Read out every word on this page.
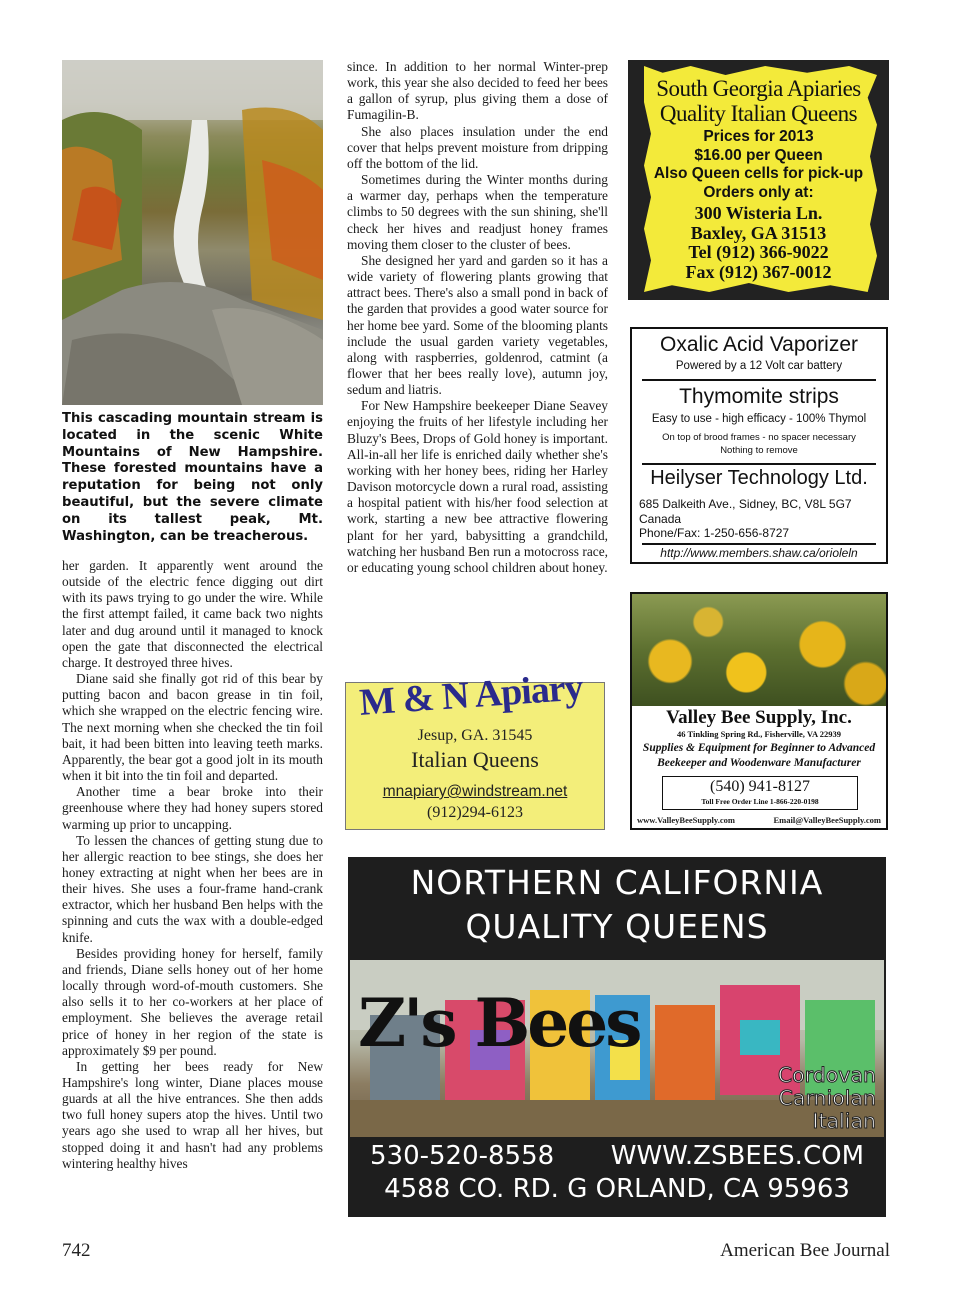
This cascading mountain stream is located in the scenic White Mountains of New Hampshire. These forested mountains have a reputation for being not only beautiful, but the severe climate on its tallest peak, Mt. Washington, can be treacherous.

her garden. It apparently went around the outside of the electric fence digging out dirt with its paws trying to go under the wire. While the first attempt failed, it came back two nights later and dug around until it managed to knock open the gate that disconnected the electrical charge. It destroyed three hives.

Diane said she finally got rid of this bear by putting bacon and bacon grease in tin foil, which she wrapped on the electric fencing wire. The next morning when she checked the tin foil bait, it had been bitten into leaving teeth marks. Apparently, the bear got a good jolt in its mouth when it bit into the tin foil and departed.

Another time a bear broke into their greenhouse where they had honey supers stored warming up prior to uncapping.

To lessen the chances of getting stung due to her allergic reaction to bee stings, she does her honey extracting at night when her bees are in their hives. She uses a four-frame hand-crank extractor, which her husband Ben helps with the spinning and cuts the wax with a double-edged knife.

Besides providing honey for herself, family and friends, Diane sells honey out of her home locally through word-of-mouth customers. She also sells it to her co-workers at her place of employment. She believes the average retail price of honey in her region of the state is approximately $9 per pound.

In getting her bees ready for New Hampshire's long winter, Diane places mouse guards at all the hive entrances. She then adds two full honey supers atop the hives. Until two years ago she used to wrap all her hives, but stopped doing it and hasn't had any problems wintering healthy hives

since. In addition to her normal Winter-prep work, this year she also decided to feed her bees a gallon of syrup, plus giving them a dose of Fumagilin-B.

She also places insulation under the end cover that helps prevent moisture from dripping off the bottom of the lid.

Sometimes during the Winter months during a warmer day, perhaps when the temperature climbs to 50 degrees with the sun shining, she'll check her hives and readjust honey frames moving them closer to the cluster of bees.

She designed her yard and garden so it has a wide variety of flowering plants growing that attract bees. There's also a small pond in back of the garden that provides a good water source for her home bee yard. Some of the blooming plants include the usual garden variety vegetables, along with raspberries, goldenrod, catmint (a flower that her bees really love), autumn joy, sedum and liatris.

For New Hampshire beekeeper Diane Seavey enjoying the fruits of her lifestyle including her Bluzy's Bees, Drops of Gold honey is important. All-in-all her life is enriched daily whether she's working with her honey bees, riding her Harley Davison motorcycle down a rural road, assisting a hospital patient with his/her food selection at work, starting a new bee attractive flowering plant for her yard, babysitting a grandchild, watching her husband Ben run a motocross race, or educating young school children about honey.

South Georgia Apiaries
Quality Italian Queens
Prices for 2013
$16.00 per Queen
Also Queen cells for pick-up
Orders only at:
300 Wisteria Ln.
Baxley, GA 31513
Tel (912) 366-9022
Fax (912) 367-0012
Oxalic Acid Vaporizer
Powered by a 12 Volt car battery
Thymomite strips
Easy to use - high efficacy - 100% Thymol
On top of brood frames - no spacer necessary
Nothing to remove
Heilyser Technology Ltd.
685 Dalkeith Ave., Sidney, BC, V8L 5G7
Canada
Phone/Fax: 1-250-656-8727
http://www.members.shaw.ca/orioleln
Valley Bee Supply, Inc.
46 Tinkling Spring Rd., Fisherville, VA 22939
Supplies & Equipment for Beginner to Advanced
Beekeeper and Woodenware Manufacturer
(540) 941-8127
Toll Free Order Line 1-866-220-0198
www.ValleyBeeSupply.com	Email@ValleyBeeSupply.com
M & N Apiary
Jesup, GA. 31545
Italian Queens
mnapiary@windstream.net
(912)294-6123
NORTHERN CALIFORNIA
QUALITY QUEENS
Z's Bees
Cordovan
Carniolan
Italian
530-520-8558 WWW.ZSBEES.COM
4588 CO. RD. G ORLAND, CA 95963
742	American Bee Journal
